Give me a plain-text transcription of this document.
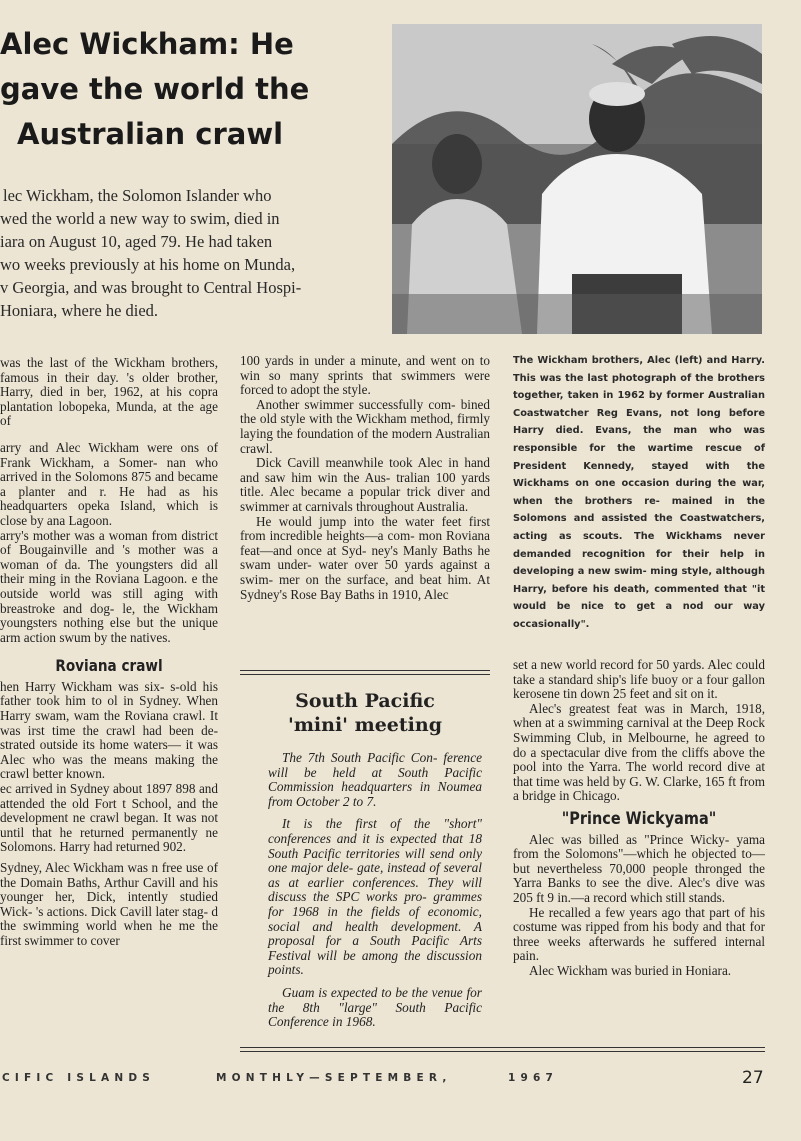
Alec Wickham: He
gave the world the
Australian crawl
lec Wickham, the Solomon Islander who
wed the world a new way to swim, died in
iara on August 10, aged 79. He had taken
wo weeks previously at his home on Munda,
v Georgia, and was brought to Central Hospi-
Honiara, where he died.

was the last of the Wickham brothers, famous in their day. 's older brother, Harry, died in ber, 1962, at his copra plantation lobopeka, Munda, at the age of

arry and Alec Wickham were ons of Frank Wickham, a Somer- nan who arrived in the Solomons 875 and became a planter and r. He had as his headquarters opeka Island, which is close by ana Lagoon.

arry's mother was a woman from district of Bougainville and 's mother was a woman of da. The youngsters did all their ming in the Roviana Lagoon. e the outside world was still aging with breastroke and dog- le, the Wickham youngsters nothing else but the unique arm action swum by the natives.

Roviana crawl

hen Harry Wickham was six- s-old his father took him to ol in Sydney. When Harry swam, wam the Roviana crawl. It was irst time the crawl had been de- strated outside its home waters— it was Alec who was the means making the crawl better known.

ec arrived in Sydney about 1897 898 and attended the old Fort t School, and the development ne crawl began. It was not until that he returned permanently ne Solomons. Harry had returned 902.

Sydney, Alec Wickham was n free use of the Domain Baths, Arthur Cavill and his younger her, Dick, intently studied Wick- 's actions. Dick Cavill later stag- d the swimming world when he me the first swimmer to cover

100 yards in under a minute, and went on to win so many sprints that swimmers were forced to adopt the style.

Another swimmer successfully com- bined the old style with the Wickham method, firmly laying the foundation of the modern Australian crawl.

Dick Cavill meanwhile took Alec in hand and saw him win the Aus- tralian 100 yards title. Alec became a popular trick diver and swimmer at carnivals throughout Australia.

He would jump into the water feet first from incredible heights—a com- mon Roviana feat—and once at Syd- ney's Manly Baths he swam under- water over 50 yards against a swim- mer on the surface, and beat him. At Sydney's Rose Bay Baths in 1910, Alec

The Wickham brothers, Alec (left) and Harry. This was the last photograph of the brothers together, taken in 1962 by former Australian Coastwatcher Reg Evans, not long before Harry died. Evans, the man who was responsible for the wartime rescue of President Kennedy, stayed with the Wickhams on one occasion during the war, when the brothers re- mained in the Solomons and assisted the Coastwatchers, acting as scouts. The Wickhams never demanded recognition for their help in developing a new swim- ming style, although Harry, before his death, commented that "it would be nice to get a nod our way occasionally".

South Pacific
'mini' meeting

The 7th South Pacific Con- ference will be held at South Pacific Commission headquarters in Noumea from October 2 to 7.

It is the first of the "short" conferences and it is expected that 18 South Pacific territories will send only one major dele- gate, instead of several as at earlier conferences. They will discuss the SPC works pro- grammes for 1968 in the fields of economic, social and health development. A proposal for a South Pacific Arts Festival will be among the discussion points.

Guam is expected to be the venue for the 8th "large" South Pacific Conference in 1968.

set a new world record for 50 yards. Alec could take a standard ship's life buoy or a four gallon kerosene tin down 25 feet and sit on it.

Alec's greatest feat was in March, 1918, when at a swimming carnival at the Deep Rock Swimming Club, in Melbourne, he agreed to do a spectacular dive from the cliffs above the pool into the Yarra. The world record dive at that time was held by G. W. Clarke, 165 ft from a bridge in Chicago.

"Prince Wickyama"

Alec was billed as "Prince Wicky- yama from the Solomons"—which he objected to—but nevertheless 70,000 people thronged the Yarra Banks to see the dive. Alec's dive was 205 ft 9 in.—a record which still stands.

He recalled a few years ago that part of his costume was ripped from his body and that for three weeks afterwards he suffered internal pain.

Alec Wickham was buried in Honiara.

CIFIC ISLANDS	MONTHLY—SEPTEMBER,	1967	27
